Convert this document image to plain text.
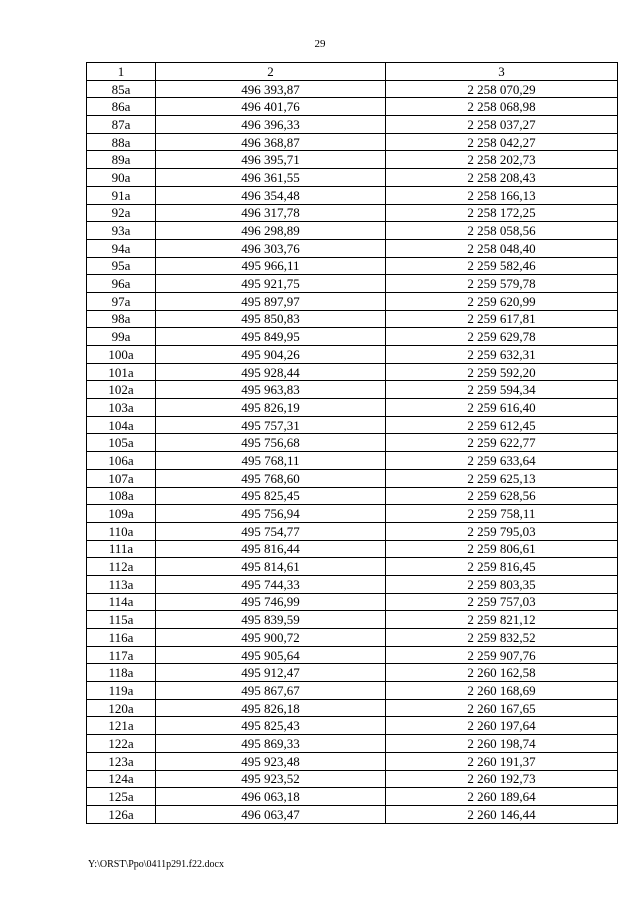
29
1	2	3
85а	496 393,87	2 258 070,29
86а	496 401,76	2 258 068,98
87а	496 396,33	2 258 037,27
88а	496 368,87	2 258 042,27
89а	496 395,71	2 258 202,73
90а	496 361,55	2 258 208,43
91а	496 354,48	2 258 166,13
92а	496 317,78	2 258 172,25
93а	496 298,89	2 258 058,56
94а	496 303,76	2 258 048,40
95а	495 966,11	2 259 582,46
96а	495 921,75	2 259 579,78
97а	495 897,97	2 259 620,99
98а	495 850,83	2 259 617,81
99а	495 849,95	2 259 629,78
100а	495 904,26	2 259 632,31
101а	495 928,44	2 259 592,20
102а	495 963,83	2 259 594,34
103а	495 826,19	2 259 616,40
104а	495 757,31	2 259 612,45
105а	495 756,68	2 259 622,77
106а	495 768,11	2 259 633,64
107а	495 768,60	2 259 625,13
108а	495 825,45	2 259 628,56
109а	495 756,94	2 259 758,11
110а	495 754,77	2 259 795,03
111а	495 816,44	2 259 806,61
112а	495 814,61	2 259 816,45
113а	495 744,33	2 259 803,35
114а	495 746,99	2 259 757,03
115а	495 839,59	2 259 821,12
116а	495 900,72	2 259 832,52
117а	495 905,64	2 259 907,76
118а	495 912,47	2 260 162,58
119а	495 867,67	2 260 168,69
120а	495 826,18	2 260 167,65
121а	495 825,43	2 260 197,64
122а	495 869,33	2 260 198,74
123а	495 923,48	2 260 191,37
124а	495 923,52	2 260 192,73
125а	496 063,18	2 260 189,64
126а	496 063,47	2 260 146,44
Y:\ORST\Ppo\0411p291.f22.docx
